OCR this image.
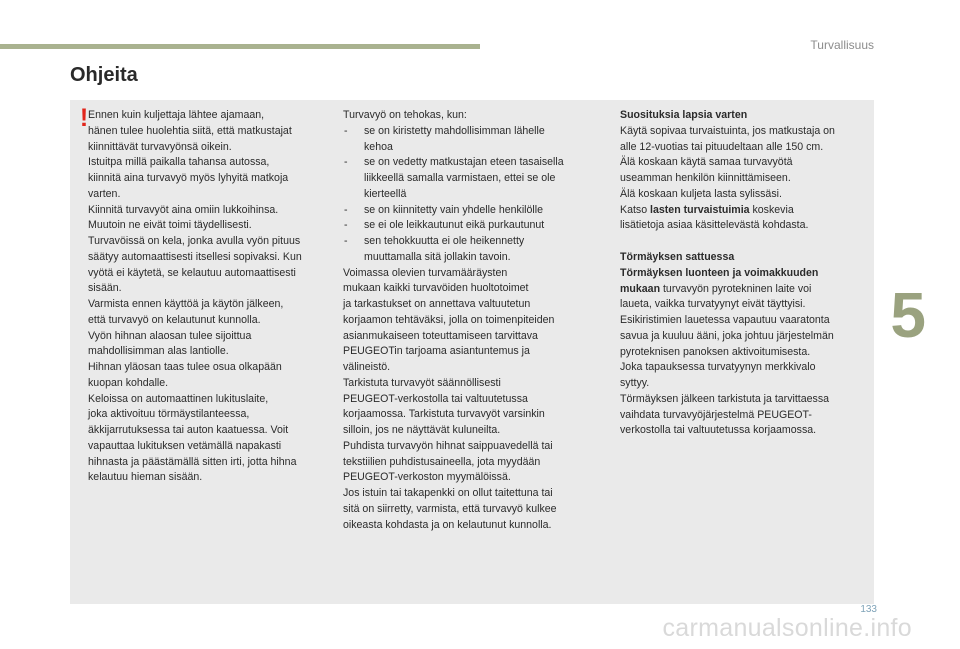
Turvallisuus
Ohjeita
! Ennen kuin kuljettaja lähtee ajamaan,

hänen tulee huolehtia siitä, että matkustajat

kiinnittävät turvavyönsä oikein.

Istuitpa millä paikalla tahansa autossa,

kiinnitä aina turvavyö myös lyhyitä matkoja

varten.

Kiinnitä turvavyöt aina omiin lukkoihinsa.

Muutoin ne eivät toimi täydellisesti.

Turvavöissä on kela, jonka avulla vyön pituus

säätyy automaattisesti itsellesi sopivaksi. Kun

vyötä ei käytetä, se kelautuu automaattisesti

sisään.

Varmista ennen käyttöä ja käytön jälkeen,

että turvavyö on kelautunut kunnolla.

Vyön hihnan alaosan tulee sijoittua

mahdollisimman alas lantiolle.

Hihnan yläosan taas tulee osua olkapään

kuopan kohdalle.

Keloissa on automaattinen lukituslaite,

joka aktivoituu törmäystilanteessa,

äkkijarrutuksessa tai auton kaatuessa. Voit

vapauttaa lukituksen vetämällä napakasti

hihnasta ja päästämällä sitten irti, jotta hihna

kelautuu hieman sisään.

Turvavyö on tehokas, kun:

- se on kiristetty mahdollisimman lähelle
kehoa
- se on vedetty matkustajan eteen tasaisella
liikkeellä samalla varmistaen, ettei se ole
kierteellä
- se on kiinnitetty vain yhdelle henkilölle
- se ei ole leikkautunut eikä purkautunut
- sen tehokkuutta ei ole heikennetty
muuttamalla sitä jollakin tavoin.

Voimassa olevien turvamääräysten

mukaan kaikki turvavöiden huoltotoimet

ja tarkastukset on annettava valtuutetun

korjaamon tehtäväksi, jolla on toimenpiteiden

asianmukaiseen toteuttamiseen tarvittava

PEUGEOTin tarjoama asiantuntemus ja

välineistö.

Tarkistuta turvavyöt säännöllisesti

PEUGEOT-verkostolla tai valtuutetussa

korjaamossa. Tarkistuta turvavyöt varsinkin

silloin, jos ne näyttävät kuluneilta.

Puhdista turvavyön hihnat saippuavedellä tai

tekstiilien puhdistusaineella, jota myydään

PEUGEOT-verkoston myymälöissä.

Jos istuin tai takapenkki on ollut taitettuna tai

sitä on siirretty, varmista, että turvavyö kulkee

oikeasta kohdasta ja on kelautunut kunnolla.

Suosituksia lapsia varten

Käytä sopivaa turvaistuinta, jos matkustaja on

alle 12-vuotias tai pituudeltaan alle 150 cm.

Älä koskaan käytä samaa turvavyötä

useamman henkilön kiinnittämiseen.

Älä koskaan kuljeta lasta sylissäsi.

Katso lasten turvaistuimia koskevia

lisätietoja asiaa käsittelevästä kohdasta.

Törmäyksen sattuessa

Törmäyksen luonteen ja voimakkuuden

mukaan turvavyön pyrotekninen laite voi

laueta, vaikka turvatyynyt eivät täyttyisi.

Esikiristimien lauetessa vapautuu vaaratonta

savua ja kuuluu ääni, joka johtuu järjestelmän

pyroteknisen panoksen aktivoitumisesta.

Joka tapauksessa turvatyynyn merkkivalo

syttyy.

Törmäyksen jälkeen tarkistuta ja tarvittaessa

vaihdata turvavyöjärjestelmä PEUGEOT-

verkostolla tai valtuutetussa korjaamossa.

5
133
carmanualsonline.info
